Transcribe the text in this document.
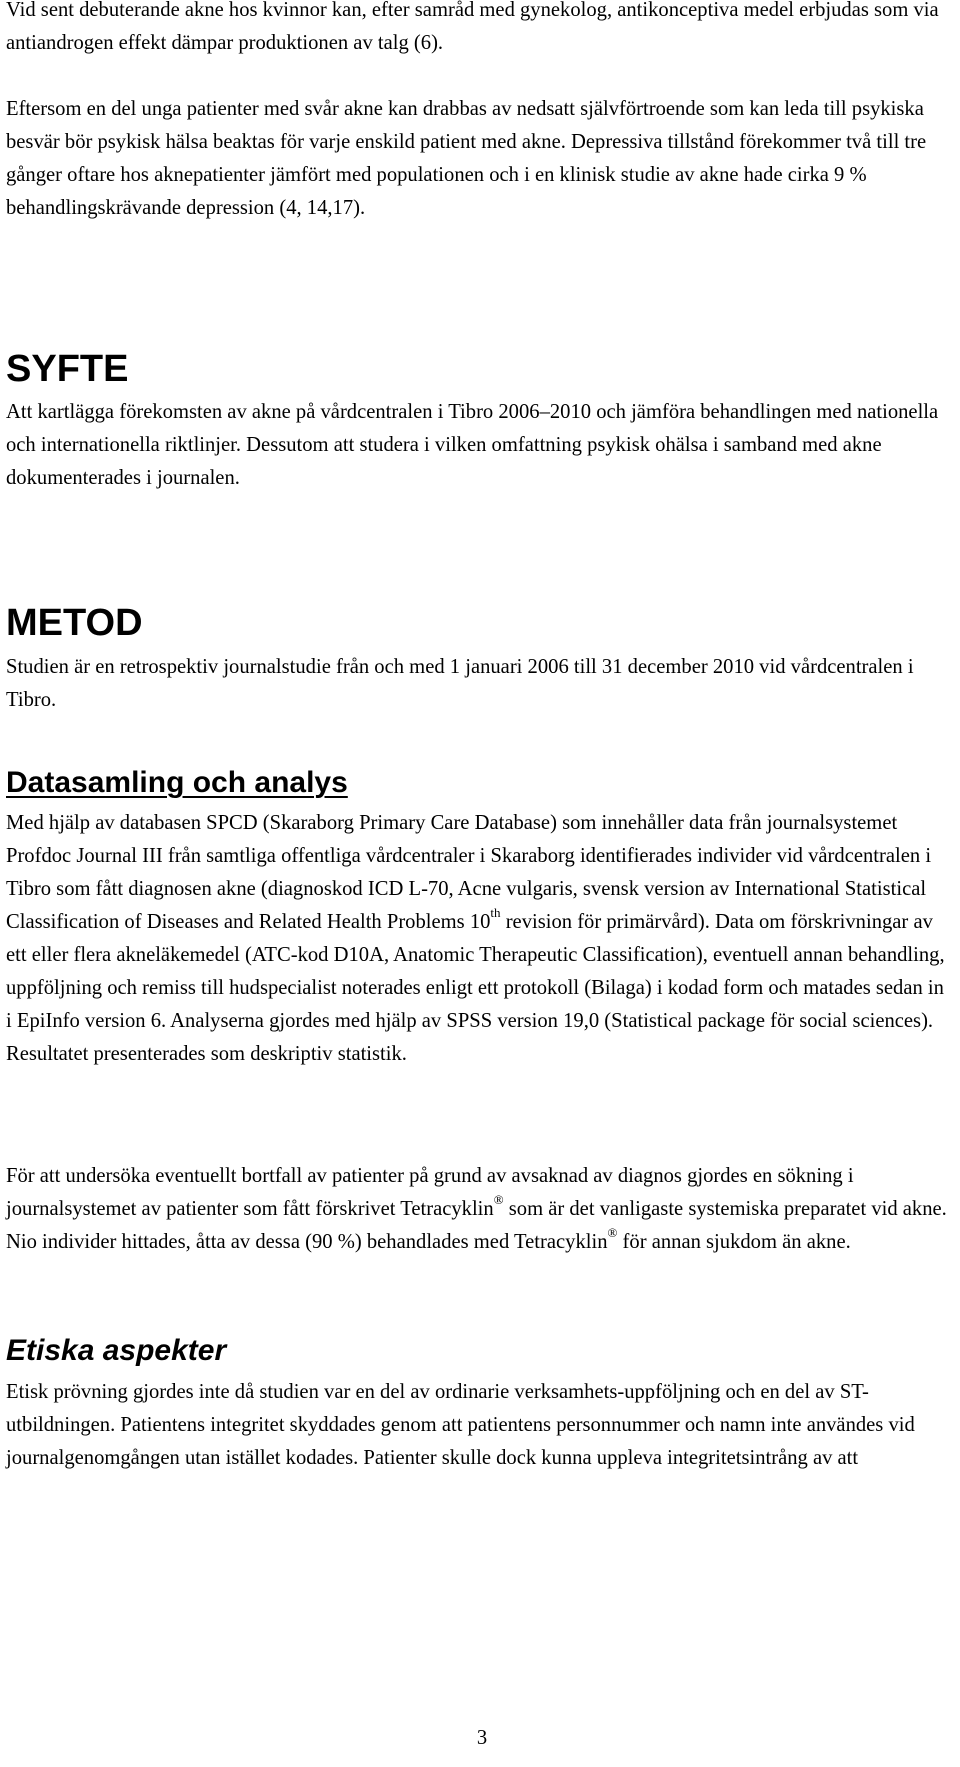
Vid sent debuterande akne hos kvinnor kan, efter samråd med gynekolog, antikonceptiva medel erbjudas som via antiandrogen effekt dämpar produktionen av talg (6).

Eftersom en del unga patienter med svår akne kan drabbas av nedsatt självförtroende som kan leda till psykiska besvär bör psykisk hälsa beaktas för varje enskild patient med akne. Depressiva tillstånd förekommer två till tre gånger oftare hos aknepatienter jämfört med populationen och i en klinisk studie av akne hade cirka 9 % behandlingskrävande depression (4, 14,17).

SYFTE

Att kartlägga förekomsten av akne på vårdcentralen i Tibro 2006–2010 och jämföra behandlingen med nationella och internationella riktlinjer. Dessutom att studera i vilken omfattning psykisk ohälsa i samband med akne dokumenterades i journalen.

METOD

Studien är en retrospektiv journalstudie från och med 1 januari 2006 till 31 december 2010 vid vårdcentralen i Tibro.

Datasamling och analys

Med hjälp av databasen SPCD (Skaraborg Primary Care Database) som innehåller data från journalsystemet Profdoc Journal III från samtliga offentliga vårdcentraler i Skaraborg identifierades individer vid vårdcentralen i Tibro som fått diagnosen akne (diagnoskod ICD L-70, Acne vulgaris, svensk version av International Statistical Classification of Diseases and Related Health Problems 10th revision för primärvård). Data om förskrivningar av ett eller flera akneläkemedel (ATC-kod D10A, Anatomic Therapeutic Classification), eventuell annan behandling, uppföljning och remiss till hudspecialist noterades enligt ett protokoll (Bilaga) i kodad form och matades sedan in i EpiInfo version 6. Analyserna gjordes med hjälp av SPSS version 19,0 (Statistical package för social sciences). Resultatet presenterades som deskriptiv statistik.

För att undersöka eventuellt bortfall av patienter på grund av avsaknad av diagnos gjordes en sökning i journalsystemet av patienter som fått förskrivet Tetracyklin® som är det vanligaste systemiska preparatet vid akne. Nio individer hittades, åtta av dessa (90 %) behandlades med Tetracyklin® för annan sjukdom än akne.

Etiska aspekter

Etisk prövning gjordes inte då studien var en del av ordinarie verksamhets-uppföljning och en del av ST-utbildningen. Patientens integritet skyddades genom att patientens personnummer och namn inte användes vid journalgenomgången utan istället kodades. Patienter skulle dock kunna uppleva integritetsintrång av att

3
